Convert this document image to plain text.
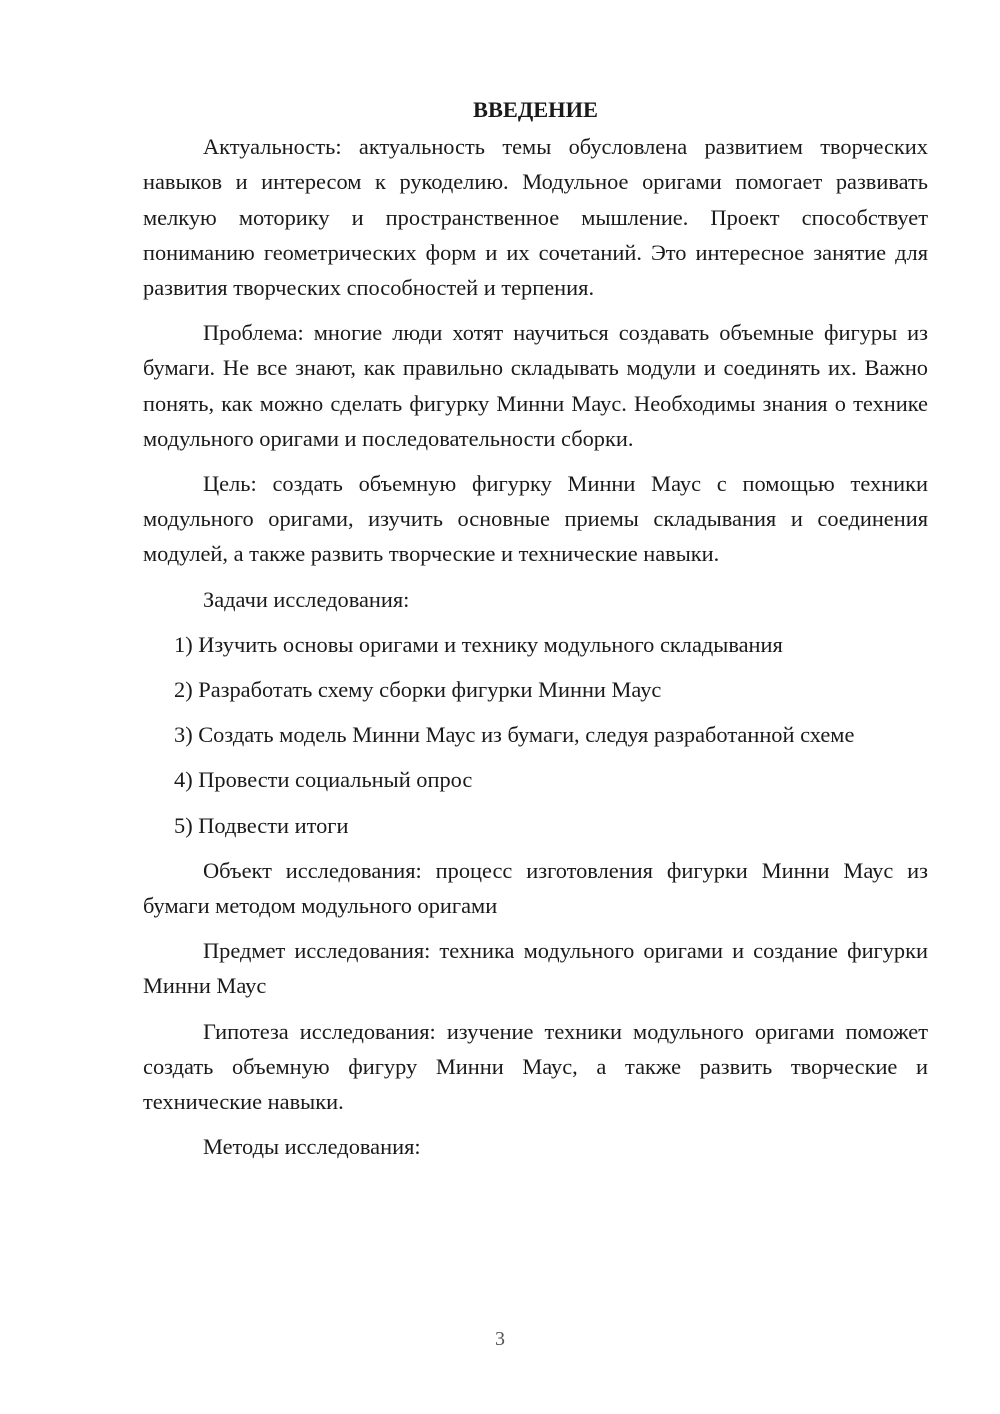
ВВЕДЕНИЕ

Актуальность: актуальность темы обусловлена развитием творческих навыков и интересом к рукоделию. Модульное оригами помогает развивать мелкую моторику и пространственное мышление. Проект способствует пониманию геометрических форм и их сочетаний. Это интересное занятие для развития творческих способностей и терпения.

Проблема: многие люди хотят научиться создавать объемные фигуры из бумаги. Не все знают, как правильно складывать модули и соединять их. Важно понять, как можно сделать фигурку Минни Маус. Необходимы знания о технике модульного оригами и последовательности сборки.

Цель: создать объемную фигурку Минни Маус с помощью техники модульного оригами, изучить основные приемы складывания и соединения модулей, а также развить творческие и технические навыки.

Задачи исследования:

1) Изучить основы оригами и технику модульного складывания

2) Разработать схему сборки фигурки Минни Маус

3) Создать модель Минни Маус из бумаги, следуя разработанной схеме

4) Провести социальный опрос

5) Подвести итоги

Объект исследования: процесс изготовления фигурки Минни Маус из бумаги методом модульного оригами

Предмет исследования: техника модульного оригами и создание фигурки Минни Маус

Гипотеза исследования: изучение техники модульного оригами поможет создать объемную фигуру Минни Маус, а также развить творческие и технические навыки.

Методы исследования:

3
